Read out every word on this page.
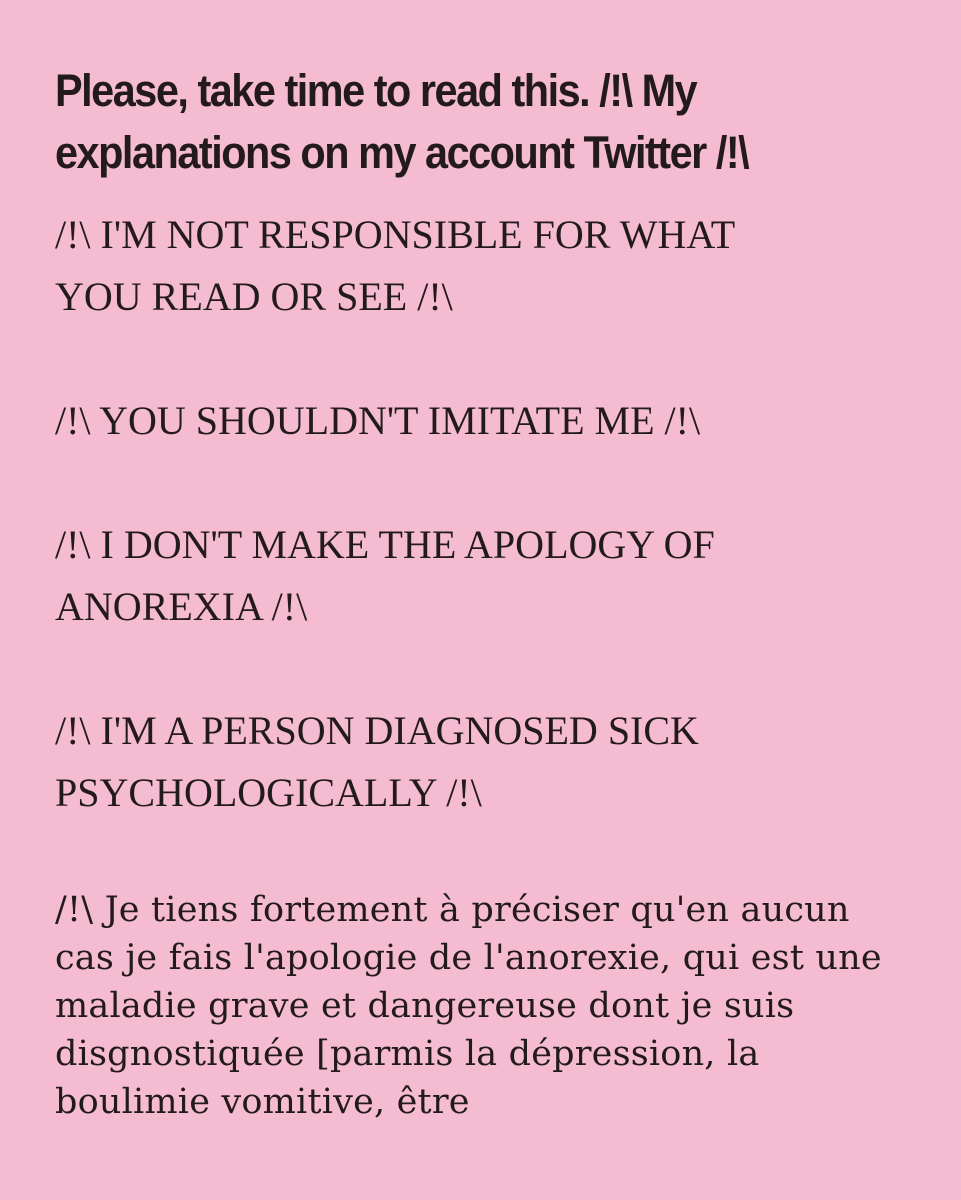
Please, take time to read this. /!\ My explanations on my account Twitter /!\

/!\ I'M NOT RESPONSIBLE FOR WHAT YOU READ OR SEE /!\

/!\ YOU SHOULDN'T IMITATE ME /!\

/!\ I DON'T MAKE THE APOLOGY OF ANOREXIA /!\

/!\ I'M A PERSON DIAGNOSED SICK PSYCHOLOGICALLY /!\

/!\ Je tiens fortement à préciser qu'en aucun cas je fais l'apologie de l'anorexie, qui est une maladie grave et dangereuse dont je suis disgnostiquée [parmis la dépression, la boulimie vomitive, être
